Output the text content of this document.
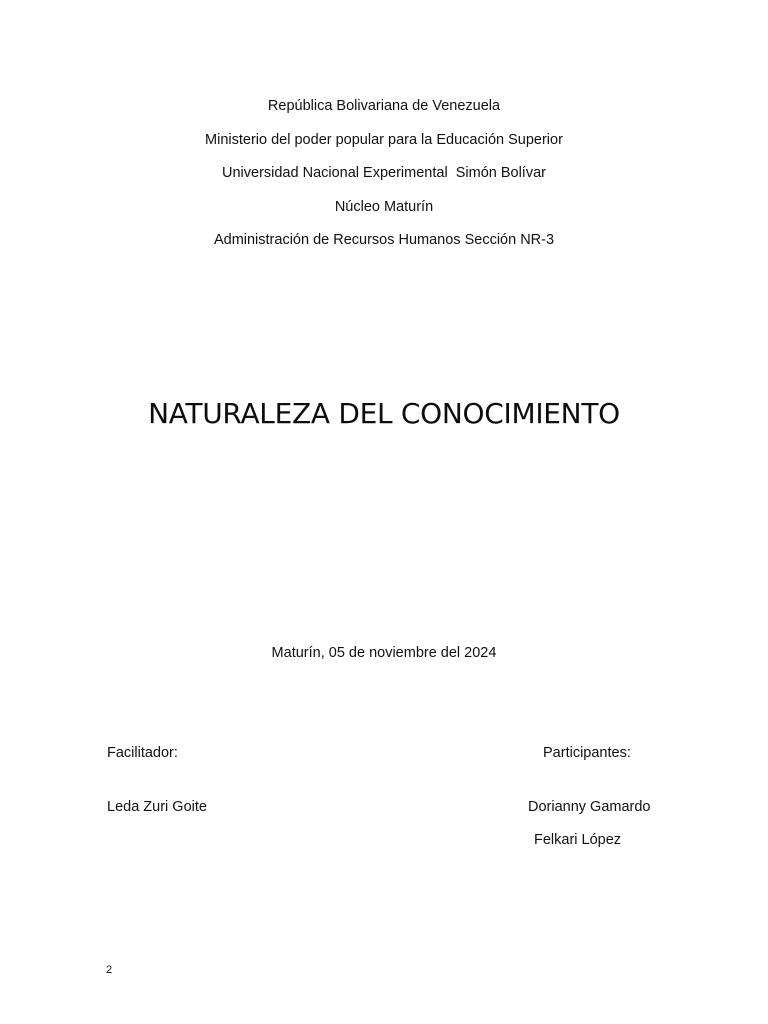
República Bolivariana de Venezuela
Ministerio del poder popular para la Educación Superior
Universidad Nacional Experimental  Simón Bolívar
Núcleo Maturín
Administración de Recursos Humanos Sección NR-3
NATURALEZA DEL CONOCIMIENTO
Maturín, 05 de noviembre del 2024
Facilitador:
Leda Zuri Goite
Participantes:
Dorianny Gamardo
Felkari López
2
